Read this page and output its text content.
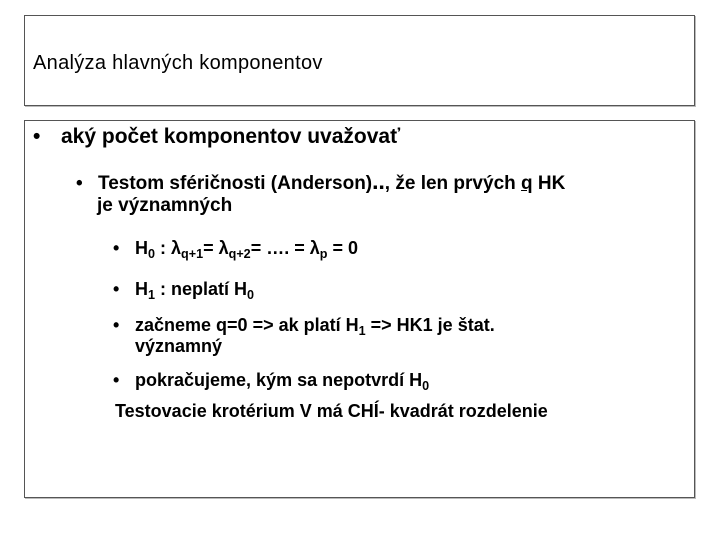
Analýza hlavných komponentov
• aký počet komponentov uvažovať
• Testom sféričnosti (Anderson)‥, že len prvých q HK
je významných
• $H_0$ : $\lambda_{q+1}= \lambda_{q+2}=$ …. = $\lambda_p = 0$
• $H_1$ : neplatí $H_0$
• začneme q=0 => ak platí $H_1 => HK1$ je štat.
významný
• pokračujeme, kým sa nepotvrdí $H_0$
Testovacie krotérium V má CHÍ- kvadrát rozdelenie
